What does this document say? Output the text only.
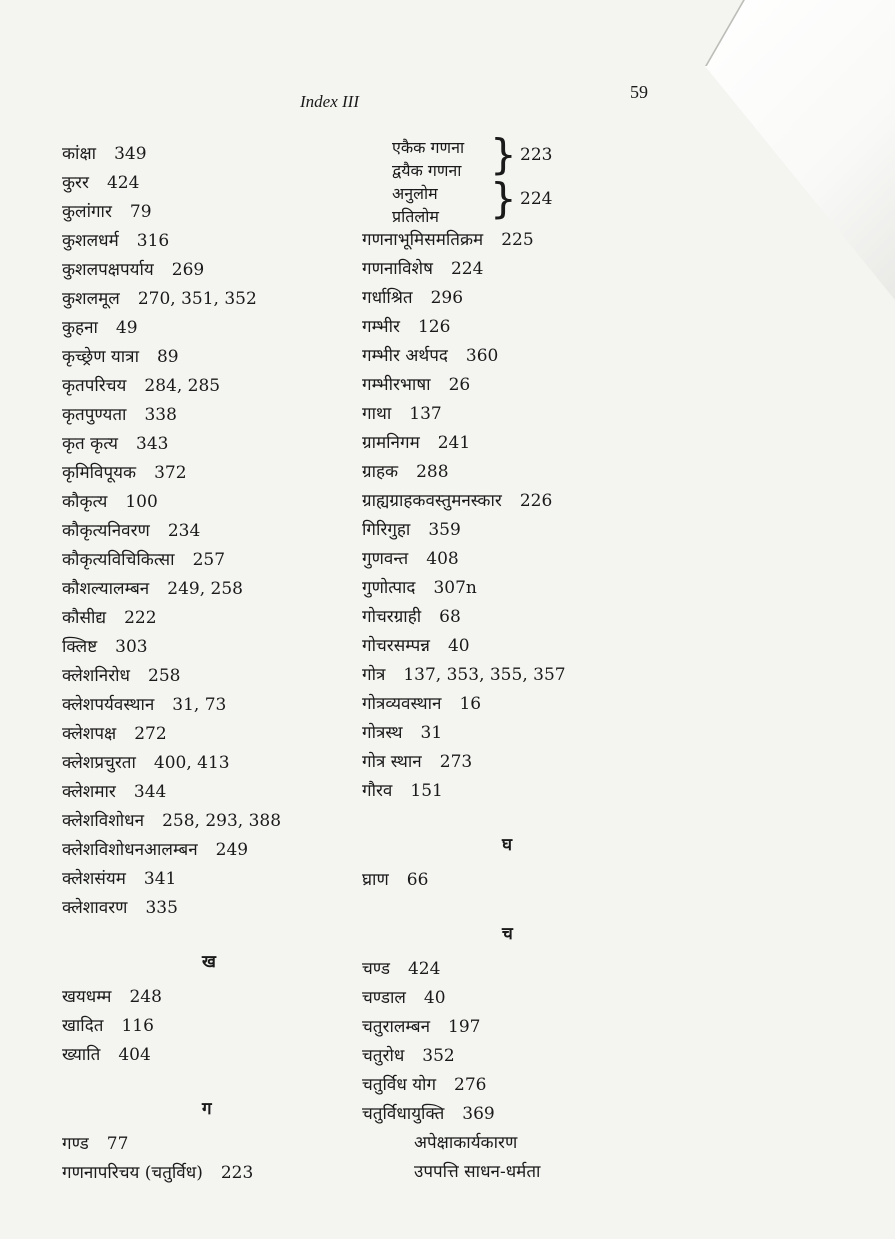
Index III	59
कांक्षा 349
कुरर 424
कुलांगार 79
कुशलधर्म 316
कुशलपक्षपर्याय 269
कुशलमूल 270, 351, 352
कुहना 49
कृच्छ्रेण यात्रा 89
कृतपरिचय 284, 285
कृतपुण्यता 338
कृत कृत्य 343
कृमिविपूयक 372
कौकृत्य 100
कौकृत्यनिवरण 234
कौकृत्यविचिकित्सा 257
कौशल्यालम्बन 249, 258
कौसीद्य 222
क्लिष्ट 303
क्लेशनिरोध 258
क्लेशपर्यवस्थान 31, 73
क्लेशपक्ष 272
क्लेशप्रचुरता 400, 413
क्लेशमार 344
क्लेशविशोधन 258, 293, 388
क्लेशविशोधनआलम्बन 249
क्लेशसंयम 341
क्लेशावरण 335
ख
खयधम्म 248
खादित 116
ख्याति 404
ग
गण्ड 77
गणनापरिचय (चतुर्विध) 223
एकैक गणना
द्वयैक गणना
अनुलोम
प्रतिलोम
} 223
} 224
गणनाभूमिसमतिक्रम 225
गणनाविशेष 224
गर्धाश्रित 296
गम्भीर 126
गम्भीर अर्थपद 360
गम्भीरभाषा 26
गाथा 137
ग्रामनिगम 241
ग्राहक 288
ग्राह्यग्राहकवस्तुमनस्कार 226
गिरिगुहा 359
गुणवन्त 408
गुणोत्पाद 307n
गोचरग्राही 68
गोचरसम्पन्न 40
गोत्र 137, 353, 355, 357
गोत्रव्यवस्थान 16
गोत्रस्थ 31
गोत्र स्थान 273
गौरव 151
घ
घ्राण 66
च
चण्ड 424
चण्डाल 40
चतुरालम्बन 197
चतुरोध 352
चतुर्विध योग 276
चतुर्विधायुक्ति 369
अपेक्षाकार्यकारण
उपपत्ति साधन-धर्मता
